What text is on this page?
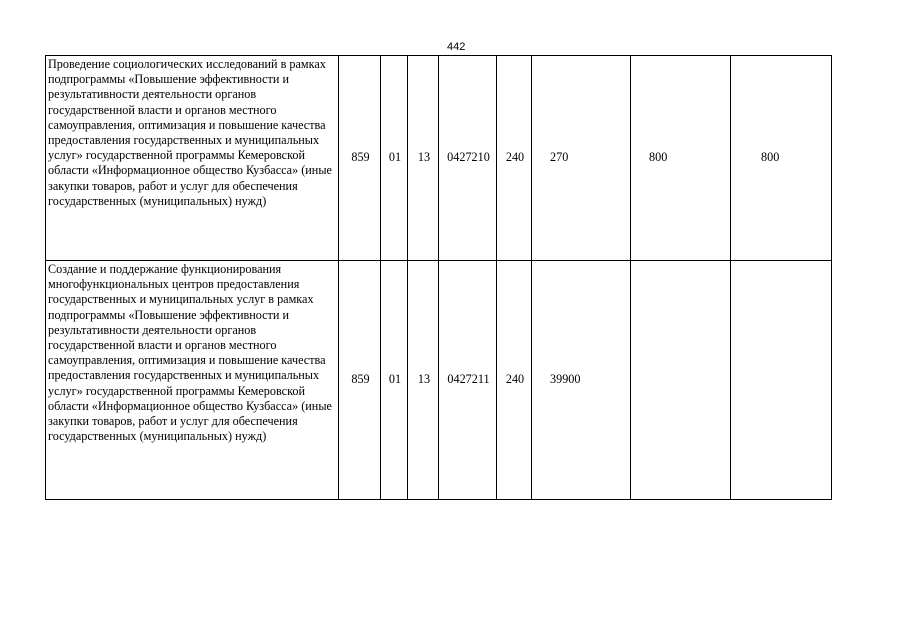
442
Проведение социологических исследований в рамках подпрограммы «Повышение эффективности и результативности деятельности органов государственной власти и органов местного самоуправления, оптимизация и повышение качества предоставления государственных и муниципальных услуг» государственной программы Кемеровской области «Информационное общество Кузбасса» (иные закупки товаров, работ и услуг для обеспечения государственных (муниципальных) нужд)	859	01	13	0427210	240	270	800	800
Создание и поддержание функционирования многофункциональных центров предоставления государственных и муниципальных услуг в рамках подпрограммы «Повышение эффективности и результативности деятельности органов государственной власти и органов местного самоуправления, оптимизация и повышение качества предоставления государственных и муниципальных услуг» государственной программы Кемеровской области «Информационное общество Кузбасса» (иные закупки товаров, работ и услуг для обеспечения государственных (муниципальных) нужд)	859	01	13	0427211	240	39900		
